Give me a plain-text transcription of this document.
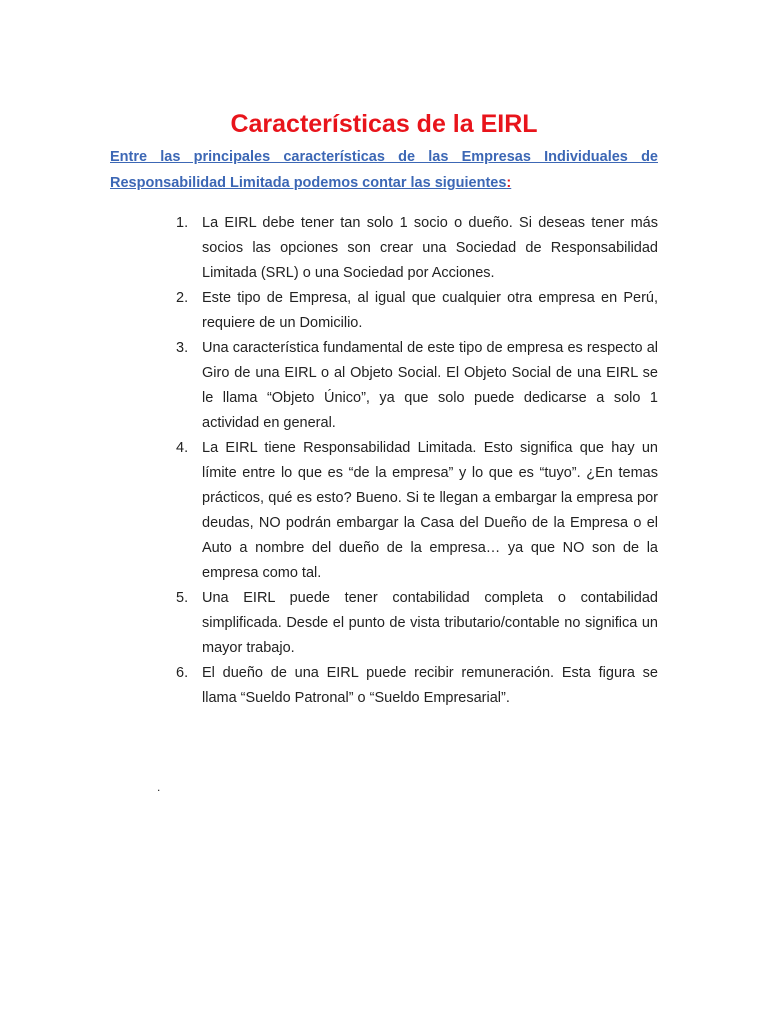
Características de la EIRL

Entre las principales características de las Empresas Individuales de Responsabilidad Limitada podemos contar las siguientes:

1. La EIRL debe tener tan solo 1 socio o dueño. Si deseas tener más socios las opciones son crear una Sociedad de Responsabilidad Limitada (SRL) o una Sociedad por Acciones.
2. Este tipo de Empresa, al igual que cualquier otra empresa en Perú, requiere de un Domicilio.
3. Una característica fundamental de este tipo de empresa es respecto al Giro de una EIRL o al Objeto Social. El Objeto Social de una EIRL se le llama “Objeto Único”, ya que solo puede dedicarse a solo 1 actividad en general.
4. La EIRL tiene Responsabilidad Limitada. Esto significa que hay un límite entre lo que es “de la empresa” y lo que es “tuyo”. ¿En temas prácticos, qué es esto? Bueno. Si te llegan a embargar la empresa por deudas, NO podrán embargar la Casa del Dueño de la Empresa o el Auto a nombre del dueño de la empresa… ya que NO son de la empresa como tal.
5. Una EIRL puede tener contabilidad completa o contabilidad simplificada. Desde el punto de vista tributario/contable no significa un mayor trabajo.
6. El dueño de una EIRL puede recibir remuneración. Esta figura se llama “Sueldo Patronal” o “Sueldo Empresarial”.
.
